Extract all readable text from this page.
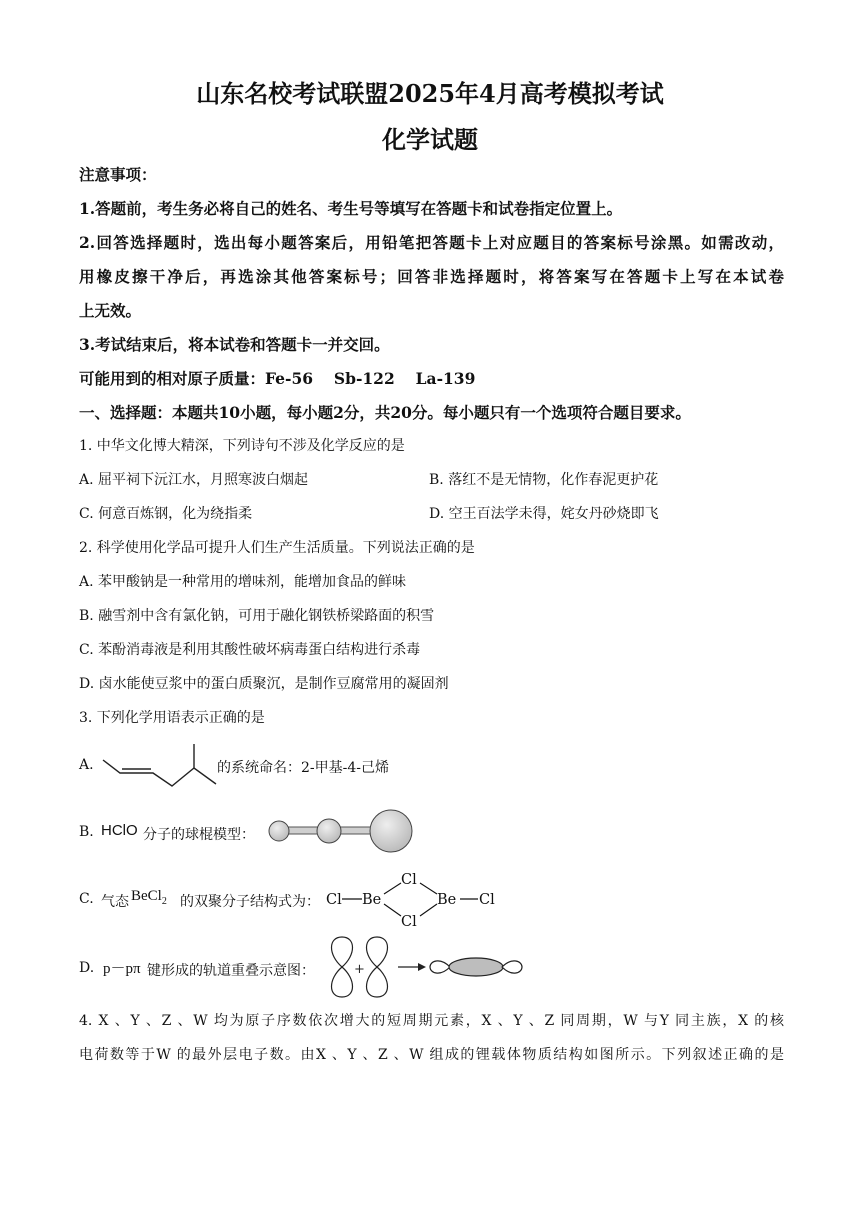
山东名校考试联盟2025年4月高考模拟考试
化学试题
注意事项：
1.答题前，考生务必将自己的姓名、考生号等填写在答题卡和试卷指定位置上。
2.回答选择题时，选出每小题答案后，用铅笔把答题卡上对应题目的答案标号涂黑。如需改动，
用橡皮擦干净后，再选涂其他答案标号；回答非选择题时，将答案写在答题卡上写在本试卷
上无效。
3.考试结束后，将本试卷和答题卡一并交回。
可能用到的相对原子质量：Fe-56　 Sb-122 　La-139
一、选择题：本题共10小题，每小题2分，共20分。每小题只有一个选项符合题目要求。
1. 中华文化博大精深，下列诗句不涉及化学反应的是
A. 屈平祠下沅江水，月照寒波白烟起	B. 落红不是无情物，化作春泥更护花
C. 何意百炼钢，化为绕指柔	D. 空王百法学未得，姹女丹砂烧即飞
2. 科学使用化学品可提升人们生产生活质量。下列说法正确的是
A. 苯甲酸钠是一种常用的增味剂，能增加食品的鲜味
B. 融雪剂中含有氯化钠，可用于融化钢铁桥梁路面的积雪
C. 苯酚消毒液是利用其酸性破坏病毒蛋白结构进行杀毒
D. 卤水能使豆浆中的蛋白质聚沉，是制作豆腐常用的凝固剂
3. 下列化学用语表示正确的是
A.	的系统命名：2-甲基-4-己烯
B. HClO 分子的球棍模型：
C. 气态 BeCl$_2$ 的双聚分子结构式为： Cl Be
Cl
Cl
Be Cl
D. p－pπ 键形成的轨道重叠示意图：	+
4. X 、Y 、Z 、W 均为原子序数依次增大的短周期元素，X 、Y 、Z 同周期，W 与Y 同主族，X 的核
电荷数等于W 的最外层电子数。由X 、Y 、Z 、W 组成的锂载体物质结构如图所示。下列叙述正确的是
